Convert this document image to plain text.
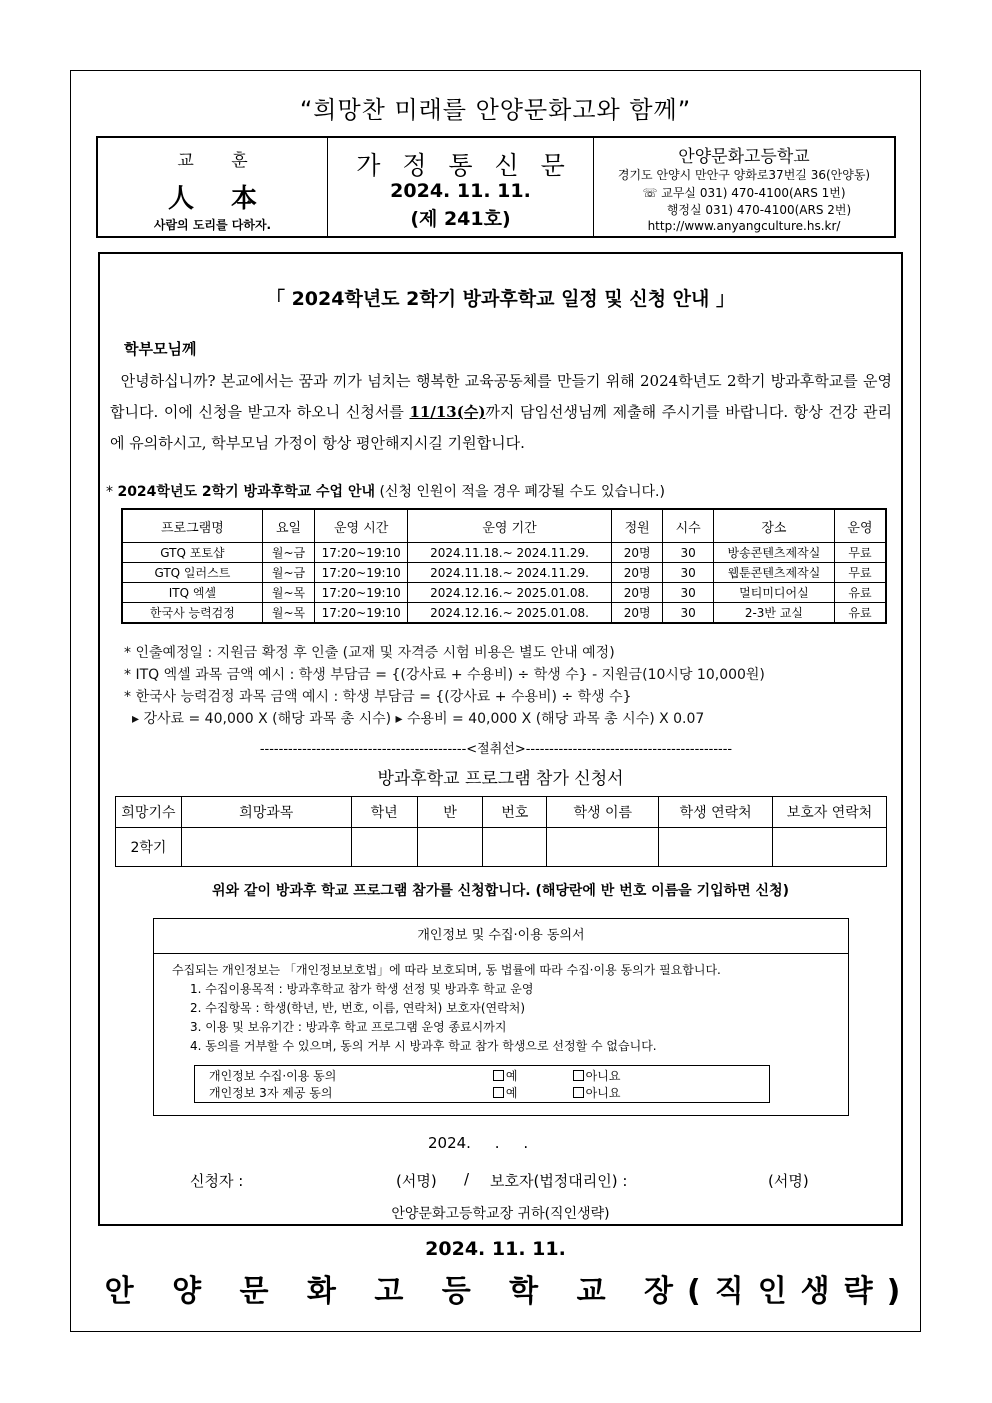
“희망찬 미래를 안양문화고와 함께”
교 훈
人 本
사람의 도리를 다하자.
가 정 통 신 문
2024. 11. 11.
(제 241호)
안양문화고등학교
경기도 안양시 만안구 양화로37번길 36(안양동)
☏ 교무실 031) 470-4100(ARS 1번)
행정실 031) 470-4100(ARS 2번)
http://www.anyangculture.hs.kr/
「 2024학년도 2학기 방과후학교 일정 및 신청 안내 」
학부모님께
안녕하십니까? 본교에서는 꿈과 끼가 넘치는 행복한 교육공동체를 만들기 위해 2024학년도 2학기 방과후학교를 운영합니다. 이에 신청을 받고자 하오니 신청서를 11/13(수)까지 담임선생님께 제출해 주시기를 바랍니다. 항상 건강 관리에 유의하시고, 학부모님 가정이 항상 평안해지시길 기원합니다.
* 2024학년도 2학기 방과후학교 수업 안내 (신청 인원이 적을 경우 폐강될 수도 있습니다.)
프로그램명	요일	운영 시간	운영 기간	정원	시수	장소	운영
GTQ 포토샵	월~금	17:20~19:10	2024.11.18.~ 2024.11.29.	20명	30	방송콘텐츠제작실	무료
GTQ 일러스트	월~금	17:20~19:10	2024.11.18.~ 2024.11.29.	20명	30	웹툰콘텐츠제작실	무료
ITQ 엑셀	월~목	17:20~19:10	2024.12.16.~ 2025.01.08.	20명	30	멀티미디어실	유료
한국사 능력검정	월~목	17:20~19:10	2024.12.16.~ 2025.01.08.	20명	30	2-3반 교실	유료
* 인출예정일 : 지원금 확정 후 인출 (교재 및 자격증 시험 비용은 별도 안내 예정)
* ITQ 엑셀 과목 금액 예시 : 학생 부담금 = {(강사료 + 수용비) ÷ 학생 수} - 지원금(10시당 10,000원)
* 한국사 능력검정 과목 금액 예시 : 학생 부담금 = {(강사료 + 수용비) ÷ 학생 수}
▸ 강사료 = 40,000 X (해당 과목 총 시수) ▸ 수용비 = 40,000 X (해당 과목 총 시수) X 0.07
--------------------------------------------<절취선>--------------------------------------------
방과후학교 프로그램 참가 신청서
희망기수	희망과목	학년	반	번호	학생 이름	학생 연락처	보호자 연락처
2학기							
위와 같이 방과후 학교 프로그램 참가를 신청합니다. (해당란에 반 번호 이름을 기입하면 신청)
개인정보 및 수집·이용 동의서
수집되는 개인정보는 「개인정보보호법」에 따라 보호되며, 동 법률에 따라 수집·이용 동의가 필요합니다.
1. 수집이용목적 : 방과후학교 참가 학생 선정 및 방과후 학교 운영
2. 수집항목 : 학생(학년, 반, 번호, 이름, 연락처) 보호자(연락처)
3. 이용 및 보유기간 : 방과후 학교 프로그램 운영 종료시까지
4. 동의를 거부할 수 있으며, 동의 거부 시 방과후 학교 참가 학생으로 선정할 수 없습니다.
개인정보 수집·이용 동의	예	아니요
개인정보 3자 제공 동의	예	아니요
2024.     .     .
신청자 :	(서명) / 보호자(법정대리인) :	(서명)
안양문화고등학교장 귀하(직인생략)
2024. 11. 11.
안 양 문 화 고 등 학 교 장(직인생략)
